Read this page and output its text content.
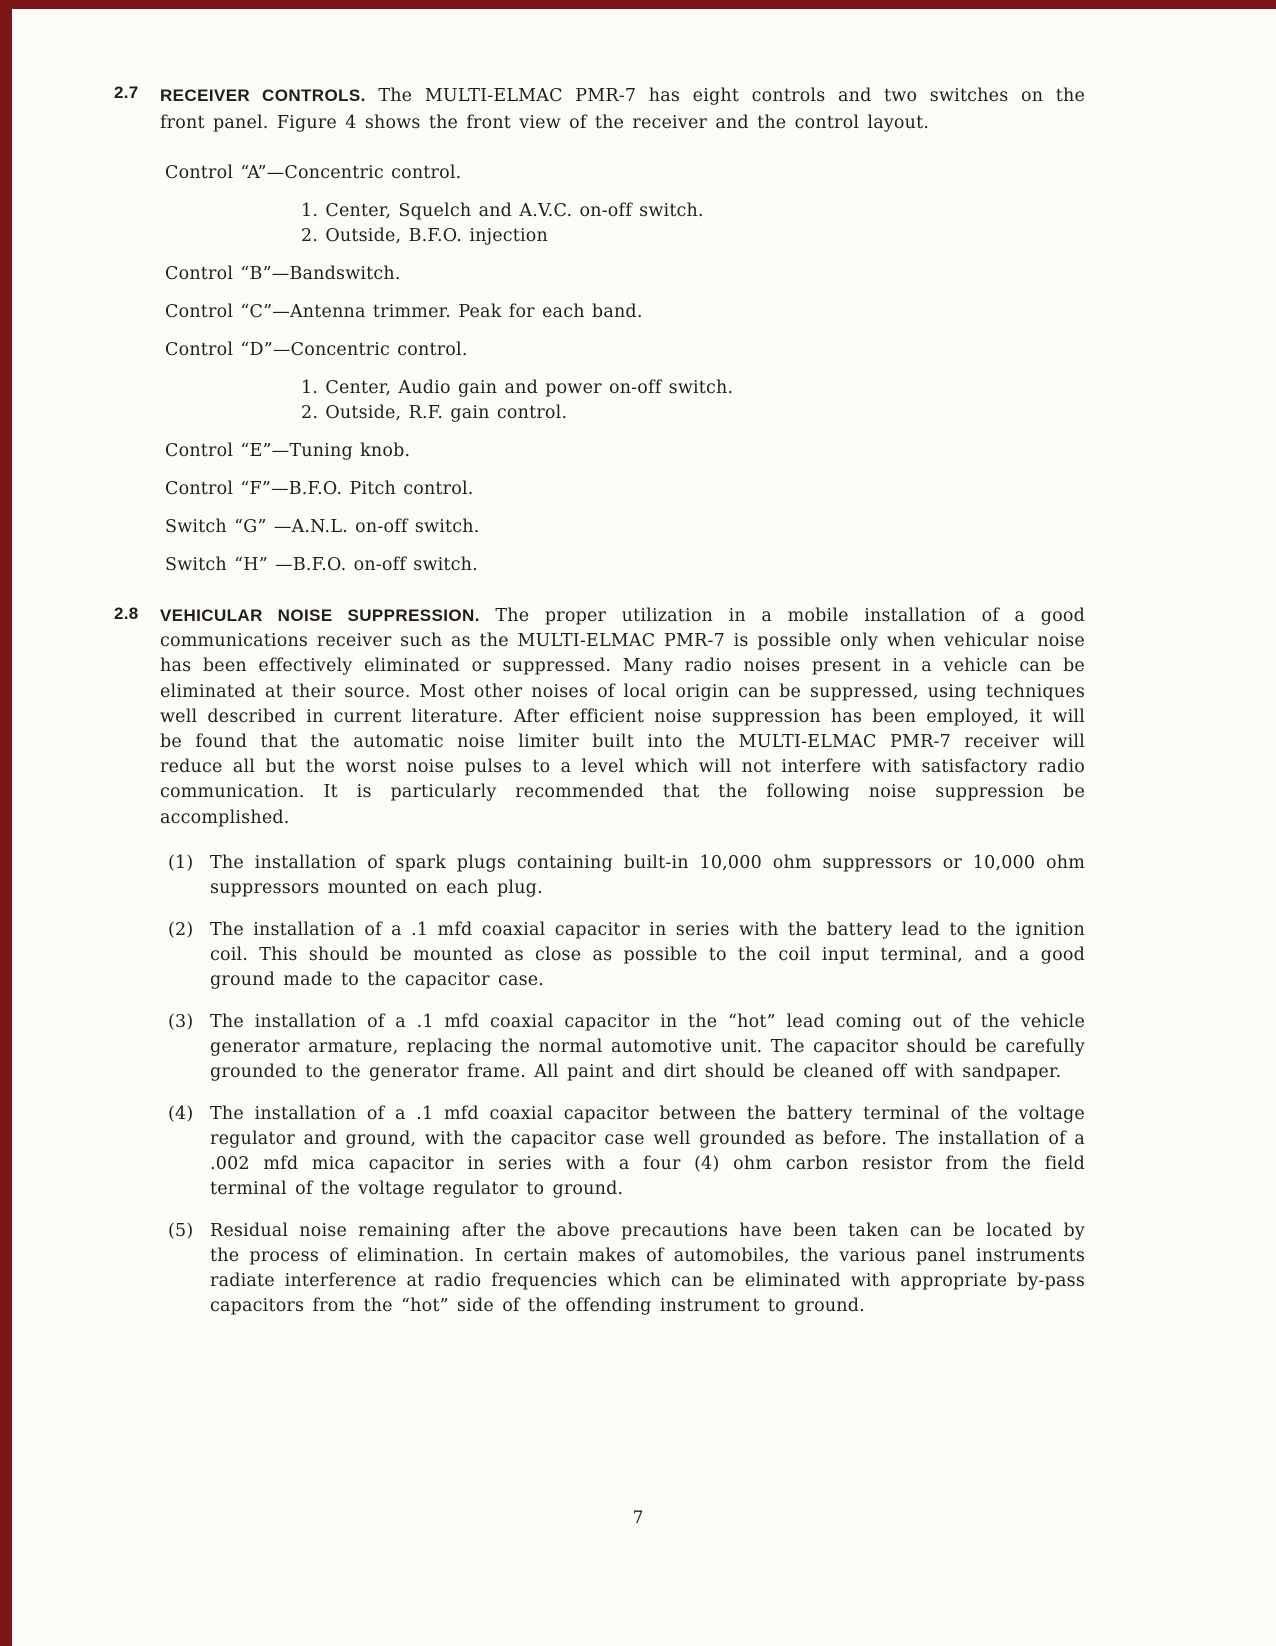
2.7 RECEIVER CONTROLS. The MULTI-ELMAC PMR-7 has eight controls and two switches on the front panel. Figure 4 shows the front view of the receiver and the control layout.

Control “A”—Concentric control.

1. Center, Squelch and A.V.C. on-off switch.

2. Outside, B.F.O. injection

Control “B”—Bandswitch.

Control “C”—Antenna trimmer. Peak for each band.

Control “D”—Concentric control.

1. Center, Audio gain and power on-off switch.

2. Outside, R.F. gain control.

Control “E”—Tuning knob.

Control “F”—B.F.O. Pitch control.

Switch “G” —A.N.L. on-off switch.

Switch “H” —B.F.O. on-off switch.

2.8 VEHICULAR NOISE SUPPRESSION. The proper utilization in a mobile installation of a good communications receiver such as the MULTI-ELMAC PMR-7 is possible only when vehicular noise has been effectively eliminated or suppressed. Many radio noises present in a vehicle can be eliminated at their source. Most other noises of local origin can be suppressed, using techniques well described in current literature. After efficient noise suppression has been employed, it will be found that the automatic noise limiter built into the MULTI-ELMAC PMR-7 receiver will reduce all but the worst noise pulses to a level which will not interfere with satisfactory radio communication. It is particularly recommended that the following noise suppression be accomplished.

(1) The installation of spark plugs containing built-in 10,000 ohm suppressors or 10,000 ohm suppressors mounted on each plug.
(2) The installation of a .1 mfd coaxial capacitor in series with the battery lead to the ignition coil. This should be mounted as close as possible to the coil input terminal, and a good ground made to the capacitor case.
(3) The installation of a .1 mfd coaxial capacitor in the “hot” lead coming out of the vehicle generator armature, replacing the normal automotive unit. The capacitor should be carefully grounded to the generator frame. All paint and dirt should be cleaned off with sandpaper.
(4) The installation of a .1 mfd coaxial capacitor between the battery terminal of the voltage regulator and ground, with the capacitor case well grounded as before. The installation of a .002 mfd mica capacitor in series with a four (4) ohm carbon resistor from the field terminal of the voltage regulator to ground.
(5) Residual noise remaining after the above precautions have been taken can be located by the process of elimination. In certain makes of automobiles, the various panel instruments radiate interference at radio frequencies which can be eliminated with appropriate by-pass capacitors from the “hot” side of the offending instrument to ground.
7
